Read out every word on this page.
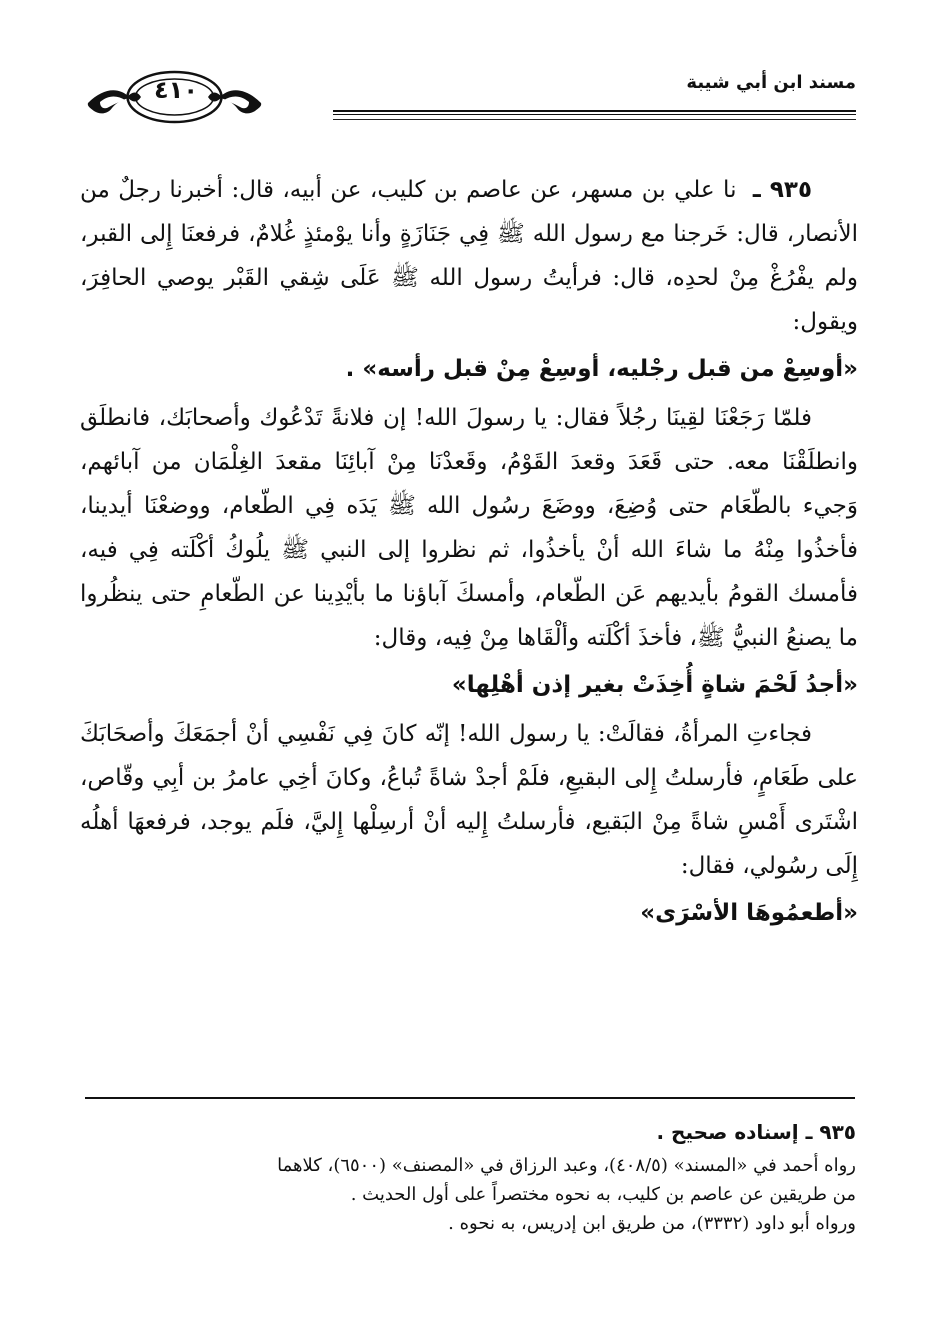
مسند ابن أبي شيبة
٤١٠

٩٣٥ ـ نا علي بن مسهر، عن عاصم بن كليب، عن أبيه، قال: أخبرنا رجلٌ من الأنصار، قال: خَرجنا مع رسول الله ﷺ فِي جَنَازَةٍ وأنا يوْمئذٍ غُلامٌ، فرفعنَا إِلى القبر، ولم يفْرُغْ مِنْ لحدِه، قال: فرأيتُ رسول الله ﷺ عَلَى شِقي القَبْر يوصي الحافِرَ، ويقول:

«أوسِعْ من قبل رجْليه، أوسِعْ مِنْ قبل رأسه» .

فلمّا رَجَعْنَا لقِينَا رجُلاً فقال: يا رسولَ الله! إن فلانةً تَدْعُوك وأصحابَك، فانطلَق وانطلَقْنَا معه. حتى قَعَدَ وقعدَ القَوْمُ، وقَعدْنَا مِنْ آبائِنَا مقعدَ الغِلْمَان من آبائهم، وَجيء بالطّعَام حتى وُضِعَ، ووضَعَ رسُول الله ﷺ يَدَه فِي الطّعام، ووضعْنَا أيدينا، فأخذُوا مِنْهُ ما شاءَ الله أنْ يأخذُوا، ثم نظروا إلى النبي ﷺ يلُوكُ أكْلَته فِي فيه، فأمسك القومُ بأيديهم عَن الطّعام، وأمسكَ آباؤنا ما بأيْدِينا عن الطّعامِ حتى ينظُروا ما يصنعُ النبيُّ ﷺ، فأخذَ أكْلَته وألْقَاها مِنْ فِيه، وقال:

«أجدُ لَحْمَ شاةٍ أُخِذَتْ بغير إذن أهْلِها»

فجاءتِ المرأةُ، فقالَتْ: يا رسول الله! إنّه كانَ فِي نَفْسِي أنْ أجمَعَكَ وأصحَابَكَ على طَعَامٍ، فأرسلتُ إِلى البقيعِ، فلَمْ أجدْ شاةً تُباعُ، وكانَ أخِي عامرُ بن أبِي وقّاص، اشْتَرى أَمْسِ شاةً مِنْ البَقيع، فأرسلتُ إِليه أنْ أرسِلْها إِليَّ، فلَم يوجد، فرفعهَا أهلُه إِلَى رسُولي، فقال:

«أطعمُوهَا الأسْرَى»

٩٣٥ ـ إسناده صحيح .

رواه أحمد في «المسند» (٤٠٨/٥)، وعبد الرزاق في «المصنف» (٦٥٠٠)، كلاهما

من طريقين عن عاصم بن كليب، به نحوه مختصراً على أول الحديث .

ورواه أبو داود (٣٣٣٢)، من طريق ابن إدريس، به نحوه .
